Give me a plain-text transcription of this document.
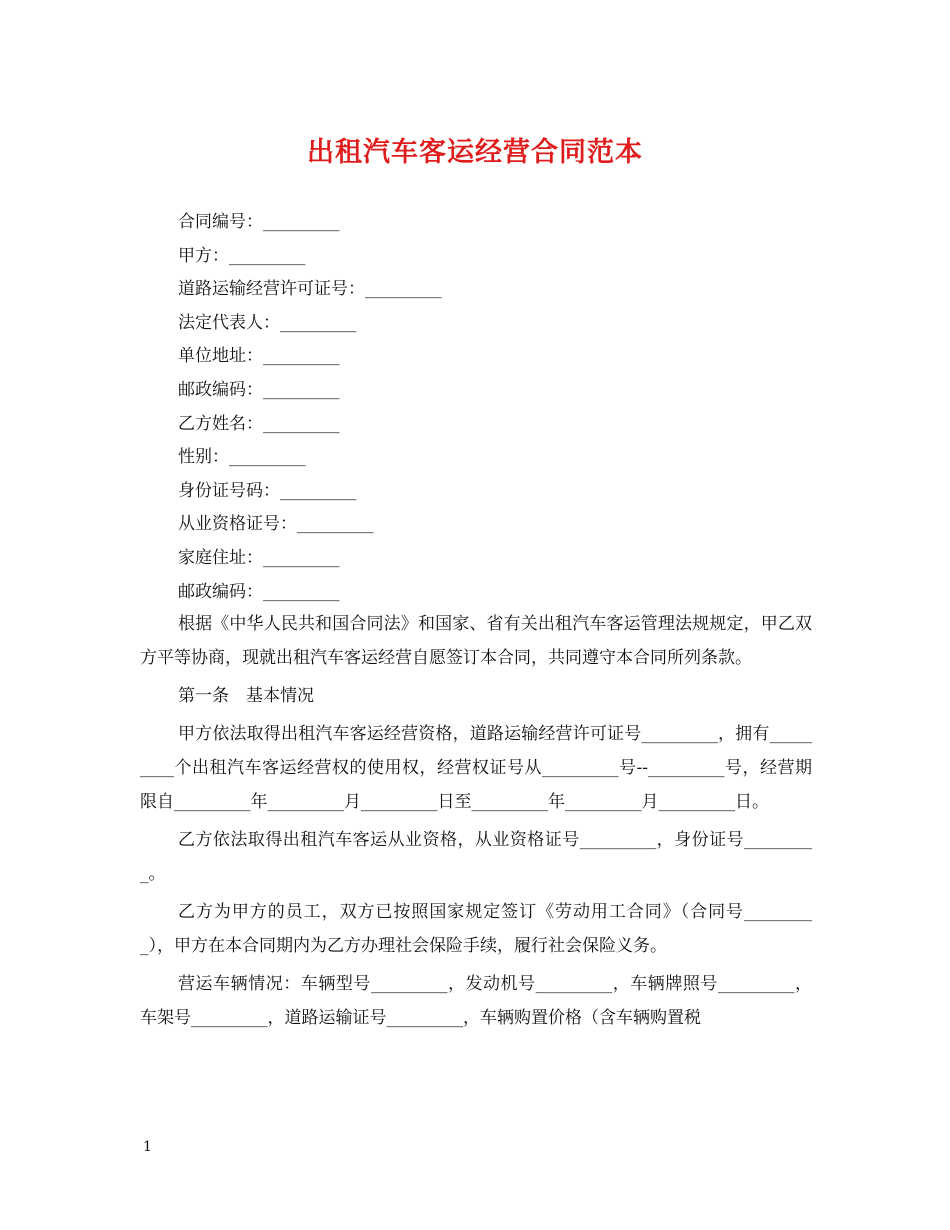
出租汽车客运经营合同范本
合同编号：_________
甲方：_________
道路运输经营许可证号：_________
法定代表人：_________
单位地址：_________
邮政编码：_________
乙方姓名：_________
性别：_________
身份证号码：_________
从业资格证号：_________
家庭住址：_________
邮政编码：_________

根据《中华人民共和国合同法》和国家、省有关出租汽车客运管理法规规定，甲乙双方平等协商，现就出租汽车客运经营自愿签订本合同，共同遵守本合同所列条款。

第一条　基本情况

甲方依法取得出租汽车客运经营资格，道路运输经营许可证号_________，拥有_________个出租汽车客运经营权的使用权，经营权证号从_________号--_________号，经营期限自_________年_________月_________日至_________年_________月_________日。

乙方依法取得出租汽车客运从业资格，从业资格证号_________，身份证号_________。

乙方为甲方的员工，双方已按照国家规定签订《劳动用工合同》（合同号_________），甲方在本合同期内为乙方办理社会保险手续，履行社会保险义务。

营运车辆情况：车辆型号_________，发动机号_________，车辆牌照号_________，车架号_________，道路运输证号_________，车辆购置价格（含车辆购置税

1
